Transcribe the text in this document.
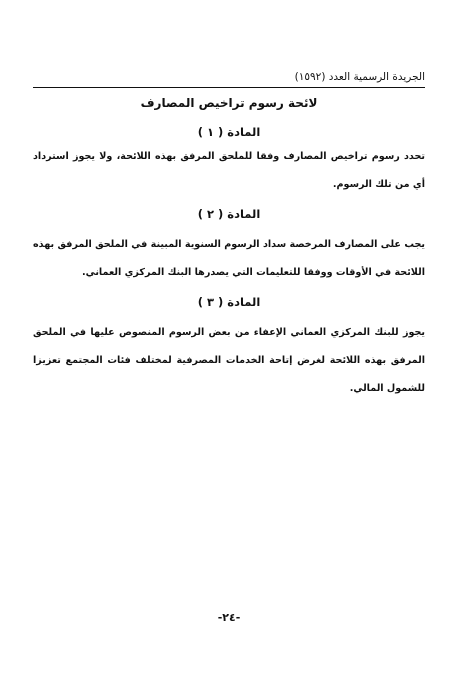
الجريدة الرسمية العدد (١٥٩٢)
لائحة رسوم تراخيص المصارف
المادة ( ١ )
تحدد رسوم تراخيص المصارف وفقا للملحق المرفق بهذه اللائحة، ولا يجوز استرداد أي من تلك الرسوم.
المادة ( ٢ )
يجب على المصارف المرخصة سداد الرسوم السنوية المبينة في الملحق المرفق بهذه اللائحة في الأوقات ووفقا للتعليمات التي يصدرها البنك المركزي العماني.
المادة ( ٣ )
يجوز للبنك المركزي العماني الإعفاء من بعض الرسوم المنصوص عليها في الملحق المرفق بهذه اللائحة لغرض إتاحة الخدمات المصرفية لمختلف فئات المجتمع تعزيزا للشمول المالي.
-٢٤-
